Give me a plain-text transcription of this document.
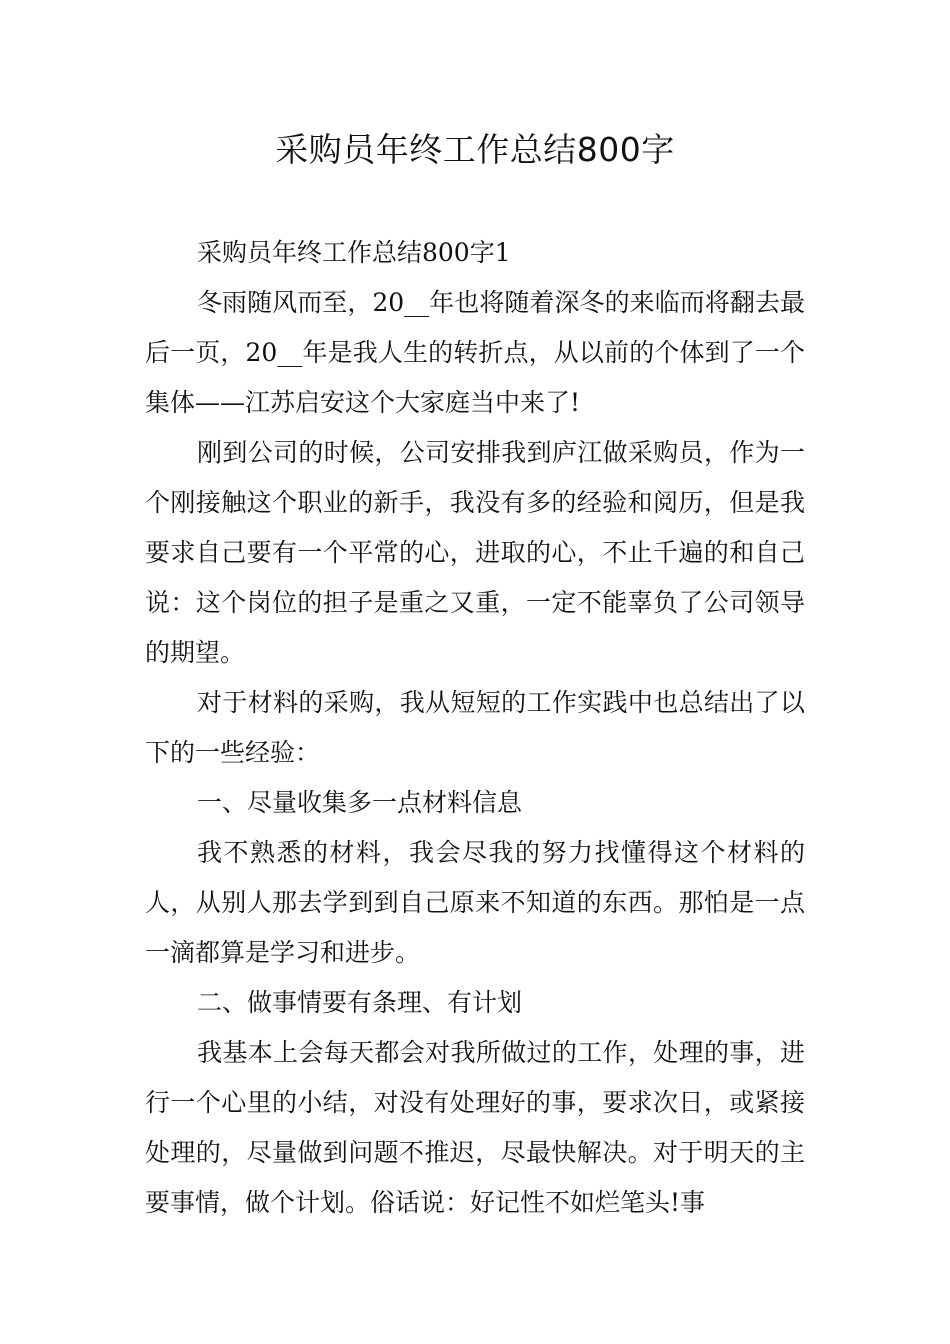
采购员年终工作总结800字

采购员年终工作总结800字1

冬雨随风而至，20__年也将随着深冬的来临而将翻去最后一页，20__年是我人生的转折点，从以前的个体到了一个集体——江苏启安这个大家庭当中来了!

刚到公司的时候，公司安排我到庐江做采购员，作为一个刚接触这个职业的新手，我没有多的经验和阅历，但是我要求自己要有一个平常的心，进取的心，不止千遍的和自己说：这个岗位的担子是重之又重，一定不能辜负了公司领导的期望。

对于材料的采购，我从短短的工作实践中也总结出了以下的一些经验：

一、尽量收集多一点材料信息

我不熟悉的材料，我会尽我的努力找懂得这个材料的人，从别人那去学到到自己原来不知道的东西。那怕是一点一滴都算是学习和进步。

二、做事情要有条理、有计划

我基本上会每天都会对我所做过的工作，处理的事，进行一个心里的小结，对没有处理好的事，要求次日，或紧接处理的，尽量做到问题不推迟，尽最快解决。对于明天的主要事情，做个计划。俗话说：好记性不如烂笔头!事
